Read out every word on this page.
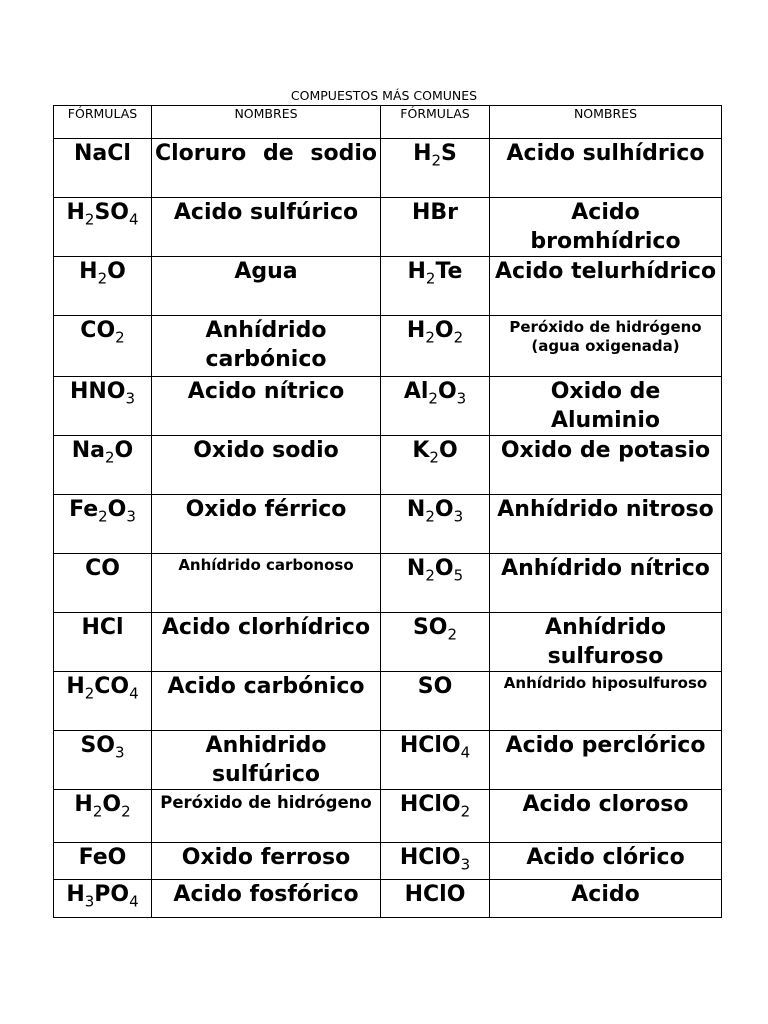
COMPUESTOS MÁS COMUNES
FÓRMULAS	NOMBRES	FÓRMULAS	NOMBRES
NaCl	Cloruro de sodio	$H_2S$	Acido sulhídrico
$H_2SO_4$	Acido sulfúrico	HBr	Acido bromhídrico
$H_2O$	Agua	$H_2Te$	Acido telurhídrico
$CO_2$	Anhídrido carbónico	$H_2O_2$	Peróxido de hidrógeno (agua oxigenada)
$HNO_3$	Acido nítrico	$Al_2O_3$	Oxido de Aluminio
$Na_2O$	Oxido sodio	$K_2O$	Oxido de potasio
$Fe_2O_3$	Oxido férrico	$N_2O_3$	Anhídrido nitroso
CO	Anhídrido carbonoso	$N_2O_5$	Anhídrido nítrico
HCl	Acido clorhídrico	$SO_2$	Anhídrido sulfuroso
$H_2CO_4$	Acido carbónico	SO	Anhídrido hiposulfuroso
$SO_3$	Anhidrido sulfúrico	HClO$_4$	Acido perclórico
$H_2O_2$	Peróxido de hidrógeno	HClO$_2$	Acido cloroso
FeO	Oxido ferroso	HClO$_3$	Acido clórico
$H_3PO_4$	Acido fosfórico	HClO	Acido
